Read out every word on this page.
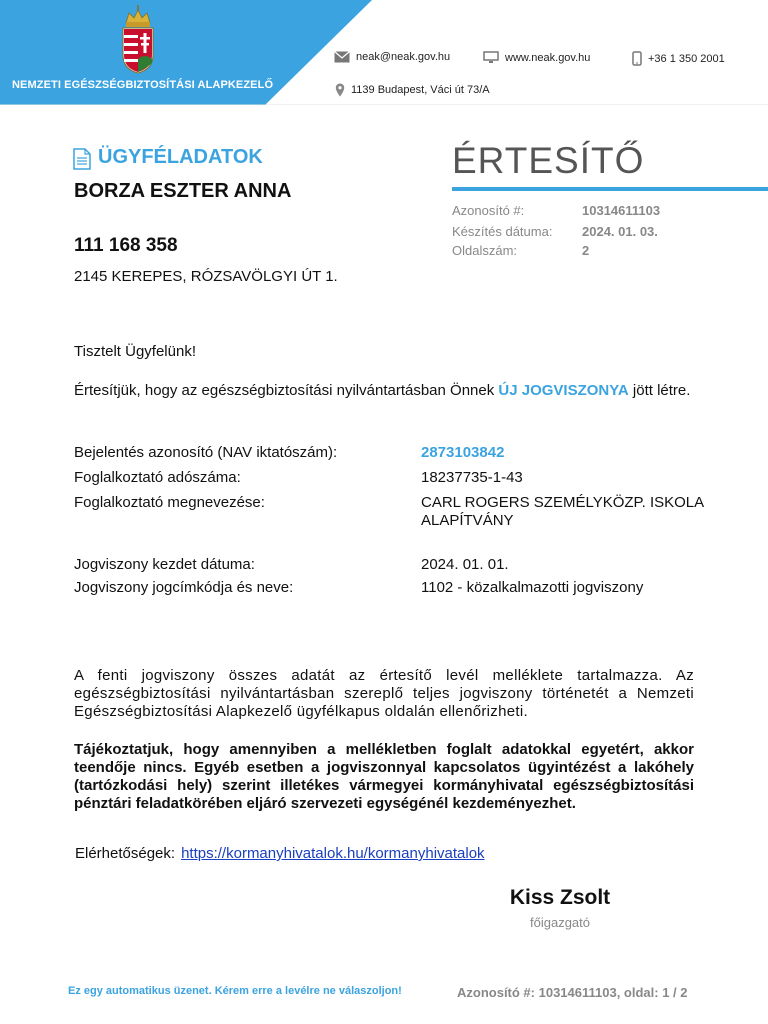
NEMZETI EGÉSZSÉGBIZTOSÍTÁSI ALAPKEZELŐ
neak@neak.gov.hu	www.neak.gov.hu	+36 1 350 2001
1139 Budapest, Váci út 73/A
ÜGYFÉLADATOK
BORZA ESZTER ANNA
111 168 358
2145 KEREPES, RÓZSAVÖLGYI ÚT 1.
ÉRTESÍTŐ
Azonosító #:	10314611103
Készítés dátuma: 2024. 01. 03.
Oldalszám:	2
Tisztelt Ügyfelünk!
Értesítjük, hogy az egészségbiztosítási nyilvántartásban Önnek ÚJ JOGVISZONYA jött létre.
Bejelentés azonosító (NAV iktatószám):	2873103842
Foglalkoztató adószáma:	18237735-1-43
Foglalkoztató megnevezése:	CARL ROGERS SZEMÉLYKÖZP. ISKOLA ALAPÍTVÁNY
Jogviszony kezdet dátuma:	2024. 01. 01.
Jogviszony jogcímkódja és neve:	1102 - közalkalmazotti jogviszony
A fenti jogviszony összes adatát az értesítő levél melléklete tartalmazza. Az egészségbiztosítási nyilvántartásban szereplő teljes jogviszony történetét a Nemzeti Egészségbiztosítási Alapkezelő ügyfélkapus oldalán ellenőrizheti.
Tájékoztatjuk, hogy amennyiben a mellékletben foglalt adatokkal egyetért, akkor teendője nincs. Egyéb esetben a jogviszonnyal kapcsolatos ügyintézést a lakóhely (tartózkodási hely) szerint illetékes vármegyei kormányhivatal egészségbiztosítási pénztári feladatkörében eljáró szervezeti egységénél kezdeményezhet.
Elérhetőségek: https://kormanyhivatalok.hu/kormanyhivatalok
Kiss Zsolt
főigazgató
Ez egy automatikus üzenet. Kérem erre a levélre ne válaszoljon!	Azonosító #: 10314611103, oldal: 1 / 2
